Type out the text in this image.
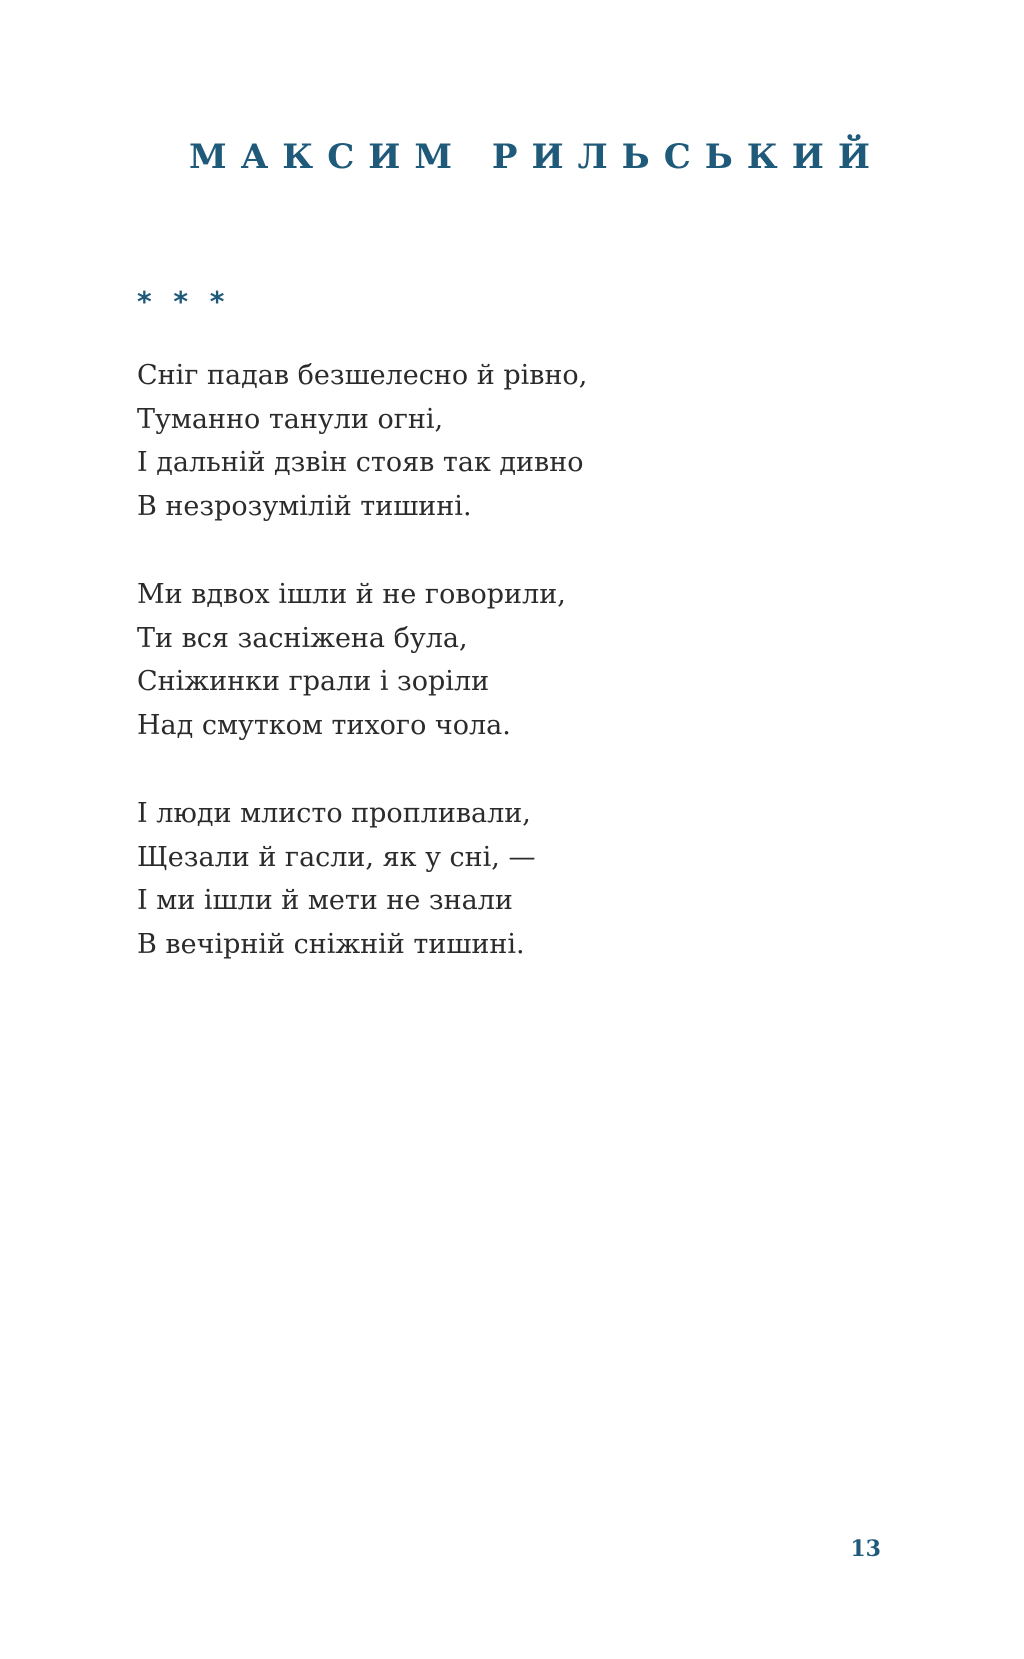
МАКСИМ РИЛЬСЬКИЙ
* * *
Сніг падав безшелесно й рівно,
Туманно танули огні,
І дальній дзвін стояв так дивно
В незрозумілій тишині.
Ми вдвох ішли й не говорили,
Ти вся засніжена була,
Сніжинки грали і зоріли
Над смутком тихого чола.
І люди млисто пропливали,
Щезали й гасли, як у сні, —
І ми ішли й мети не знали
В вечірній сніжній тишині.
13
